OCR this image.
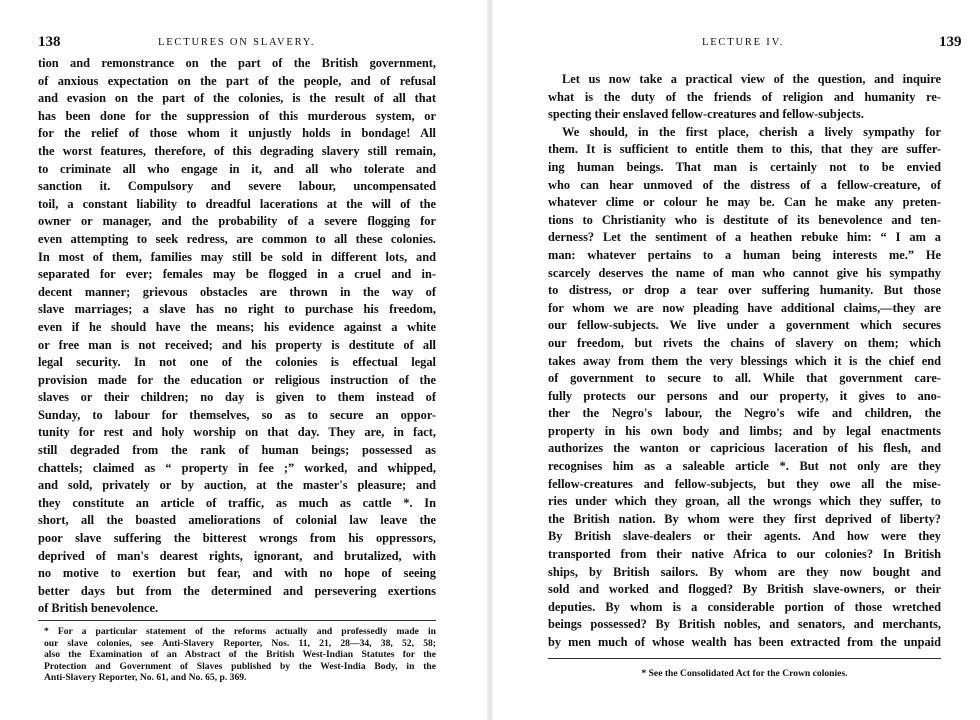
138	LECTURES ON SLAVERY.
tion and remonstrance on the part of the British government,
of anxious expectation on the part of the people, and of refusal
and evasion on the part of the colonies, is the result of all that
has been done for the suppression of this murderous system, or
for the relief of those whom it unjustly holds in bondage! All
the worst features, therefore, of this degrading slavery still remain,
to criminate all who engage in it, and all who tolerate and
sanction it. Compulsory and severe labour, uncompensated
toil, a constant liability to dreadful lacerations at the will of the
owner or manager, and the probability of a severe flogging for
even attempting to seek redress, are common to all these colonies.
In most of them, families may still be sold in different lots, and
separated for ever; females may be flogged in a cruel and in-
decent manner; grievous obstacles are thrown in the way of
slave marriages; a slave has no right to purchase his freedom,
even if he should have the means; his evidence against a white
or free man is not received; and his property is destitute of all
legal security. In not one of the colonies is effectual legal
provision made for the education or religious instruction of the
slaves or their children; no day is given to them instead of
Sunday, to labour for themselves, so as to secure an oppor-
tunity for rest and holy worship on that day. They are, in fact,
still degraded from the rank of human beings; possessed as
chattels; claimed as “ property in fee ;” worked, and whipped,
and sold, privately or by auction, at the master's pleasure; and
they constitute an article of traffic, as much as cattle *. In
short, all the boasted ameliorations of colonial law leave the
poor slave suffering the bitterest wrongs from his oppressors,
deprived of man's dearest rights, ignorant, and brutalized, with
no motive to exertion but fear, and with no hope of seeing
better days but from the determined and persevering exertions
of British benevolence.
* For a particular statement of the reforms actually and professedly made in
our slave colonies, see Anti-Slavery Reporter, Nos. 11, 21, 28—34, 38, 52, 58;
also the Examination of an Abstract of the British West-Indian Statutes for the
Protection and Government of Slaves published by the West-India Body, in the
Anti-Slavery Reporter, No. 61, and No. 65, p. 369.
139
LECTURE IV.
Let us now take a practical view of the question, and inquire
what is the duty of the friends of religion and humanity re-
specting their enslaved fellow-creatures and fellow-subjects.
We should, in the first place, cherish a lively sympathy for
them. It is sufficient to entitle them to this, that they are suffer-
ing human beings. That man is certainly not to be envied
who can hear unmoved of the distress of a fellow-creature, of
whatever clime or colour he may be. Can he make any preten-
tions to Christianity who is destitute of its benevolence and ten-
derness? Let the sentiment of a heathen rebuke him: “ I am a
man: whatever pertains to a human being interests me.” He
scarcely deserves the name of man who cannot give his sympathy
to distress, or drop a tear over suffering humanity. But those
for whom we are now pleading have additional claims,—they are
our fellow-subjects. We live under a government which secures
our freedom, but rivets the chains of slavery on them; which
takes away from them the very blessings which it is the chief end
of government to secure to all. While that government care-
fully protects our persons and our property, it gives to ano-
ther the Negro's labour, the Negro's wife and children, the
property in his own body and limbs; and by legal enactments
authorizes the wanton or capricious laceration of his flesh, and
recognises him as a saleable article *. But not only are they
fellow-creatures and fellow-subjects, but they owe all the mise-
ries under which they groan, all the wrongs which they suffer, to
the British nation. By whom were they first deprived of liberty?
By British slave-dealers or their agents. And how were they
transported from their native Africa to our colonies? In British
ships, by British sailors. By whom are they now bought and
sold and worked and flogged? By British slave-owners, or their
deputies. By whom is a considerable portion of those wretched
beings possessed? By British nobles, and senators, and merchants,
by men much of whose wealth has been extracted from the unpaid
* See the Consolidated Act for the Crown colonies.
